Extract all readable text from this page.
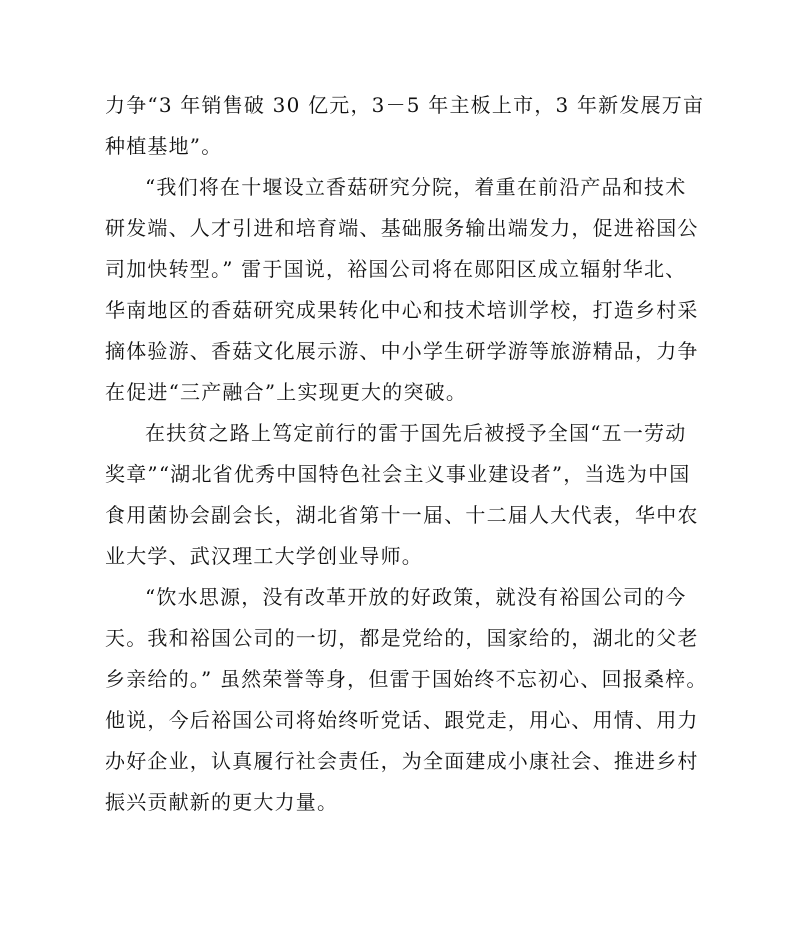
力争“3 年销售破 30 亿元，3－5 年主板上市，3 年新发展万亩
种植基地”。
“我们将在十堰设立香菇研究分院，着重在前沿产品和技术
研发端、人才引进和培育端、基础服务输出端发力，促进裕国公
司加快转型。” 雷于国说，裕国公司将在郧阳区成立辐射华北、
华南地区的香菇研究成果转化中心和技术培训学校，打造乡村采
摘体验游、香菇文化展示游、中小学生研学游等旅游精品，力争
在促进“三产融合”上实现更大的突破。
在扶贫之路上笃定前行的雷于国先后被授予全国“五一劳动
奖章”“湖北省优秀中国特色社会主义事业建设者”，当选为中国
食用菌协会副会长，湖北省第十一届、十二届人大代表，华中农
业大学、武汉理工大学创业导师。
“饮水思源，没有改革开放的好政策，就没有裕国公司的今
天。我和裕国公司的一切，都是党给的，国家给的，湖北的父老
乡亲给的。” 虽然荣誉等身，但雷于国始终不忘初心、回报桑梓。
他说，今后裕国公司将始终听党话、跟党走，用心、用情、用力
办好企业，认真履行社会责任，为全面建成小康社会、推进乡村
振兴贡献新的更大力量。
